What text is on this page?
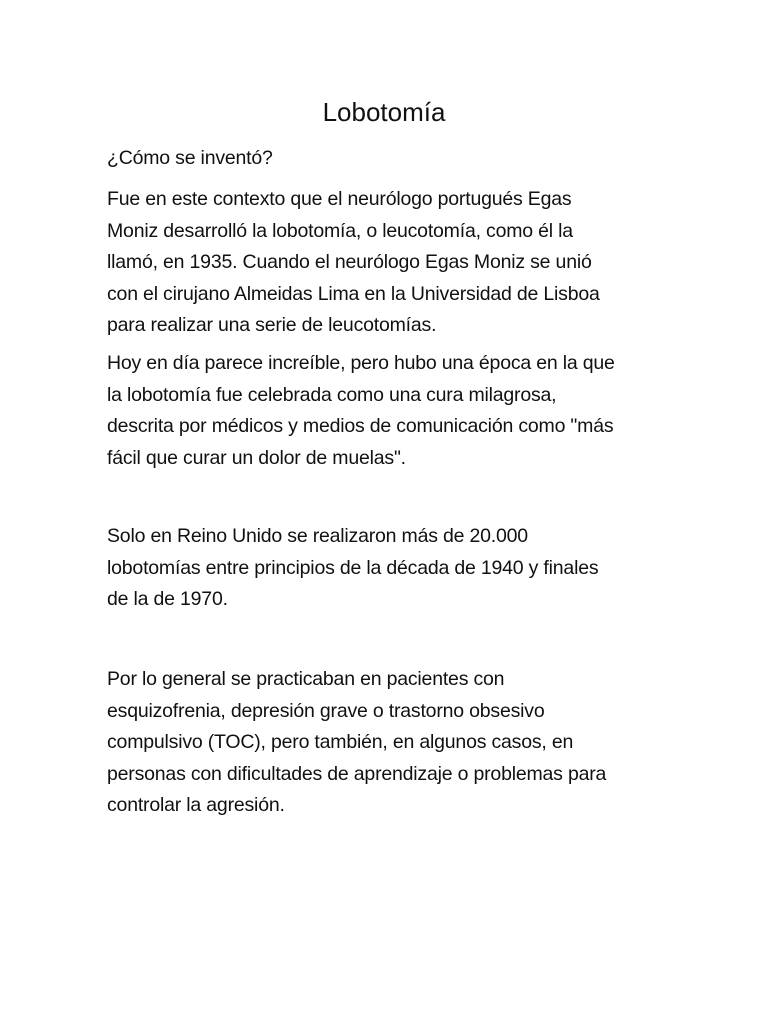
Lobotomía

¿Cómo se inventó?

Fue en este contexto que el neurólogo portugués Egas
Moniz desarrolló la lobotomía, o leucotomía, como él la
llamó, en 1935. Cuando el neurólogo Egas Moniz se unió
con el cirujano Almeidas Lima en la Universidad de Lisboa
para realizar una serie de leucotomías.

Hoy en día parece increíble, pero hubo una época en la que
la lobotomía fue celebrada como una cura milagrosa,
descrita por médicos y medios de comunicación como "más
fácil que curar un dolor de muelas".

Solo en Reino Unido se realizaron más de 20.000
lobotomías entre principios de la década de 1940 y finales
de la de 1970.

Por lo general se practicaban en pacientes con
esquizofrenia, depresión grave o trastorno obsesivo
compulsivo (TOC), pero también, en algunos casos, en
personas con dificultades de aprendizaje o problemas para
controlar la agresión.
